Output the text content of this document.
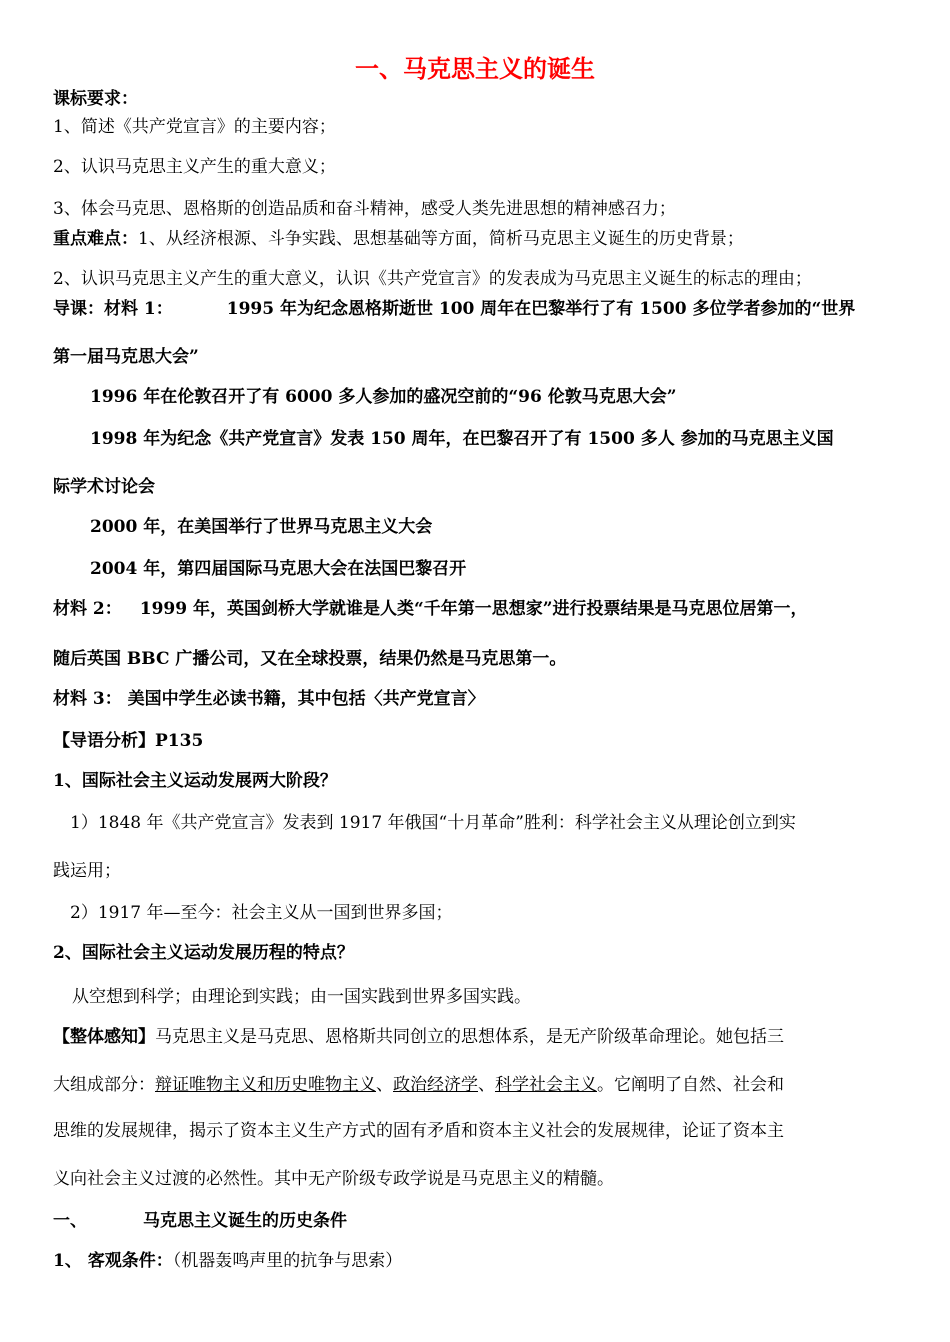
一、马克思主义的诞生
课标要求：
1、简述《共产党宣言》的主要内容；
2、认识马克思主义产生的重大意义；
3、体会马克思、恩格斯的创造品质和奋斗精神，感受人类先进思想的精神感召力；
重点难点：1、从经济根源、斗争实践、思想基础等方面，简析马克思主义诞生的历史背景；
2、认识马克思主义产生的重大意义，认识《共产党宣言》的发表成为马克思主义诞生的标志的理由；
导课：材料 1：	1995 年为纪念恩格斯逝世 100 周年在巴黎举行了有 1500 多位学者参加的“世界
第一届马克思大会”
1996 年在伦敦召开了有 6000 多人参加的盛况空前的“96 伦敦马克思大会”
1998 年为纪念《共产党宣言》发表 150 周年，在巴黎召开了有 1500 多人 参加的马克思主义国
际学术讨论会
2000 年，在美国举行了世界马克思主义大会
2004 年，第四届国际马克思大会在法国巴黎召开
材料 2： 1999 年，英国剑桥大学就谁是人类“千年第一思想家”进行投票结果是马克思位居第一，
随后英国 BBC 广播公司，又在全球投票，结果仍然是马克思第一。
材料 3： 美国中学生必读书籍，其中包括〈共产党宣言〉
【导语分析】P135
1、国际社会主义运动发展两大阶段？
1）1848 年《共产党宣言》发表到 1917 年俄国“十月革命”胜利：科学社会主义从理论创立到实
践运用；
2）1917 年—至今：社会主义从一国到世界多国；
2、国际社会主义运动发展历程的特点？
从空想到科学；由理论到实践；由一国实践到世界多国实践。
【整体感知】马克思主义是马克思、恩格斯共同创立的思想体系，是无产阶级革命理论。她包括三
大组成部分：辩证唯物主义和历史唯物主义、政治经济学、科学社会主义。它阐明了自然、社会和
思维的发展规律，揭示了资本主义生产方式的固有矛盾和资本主义社会的发展规律，论证了资本主
义向社会主义过渡的必然性。其中无产阶级专政学说是马克思主义的精髓。
一、	马克思主义诞生的历史条件
1、 客观条件：（机器轰鸣声里的抗争与思索）
